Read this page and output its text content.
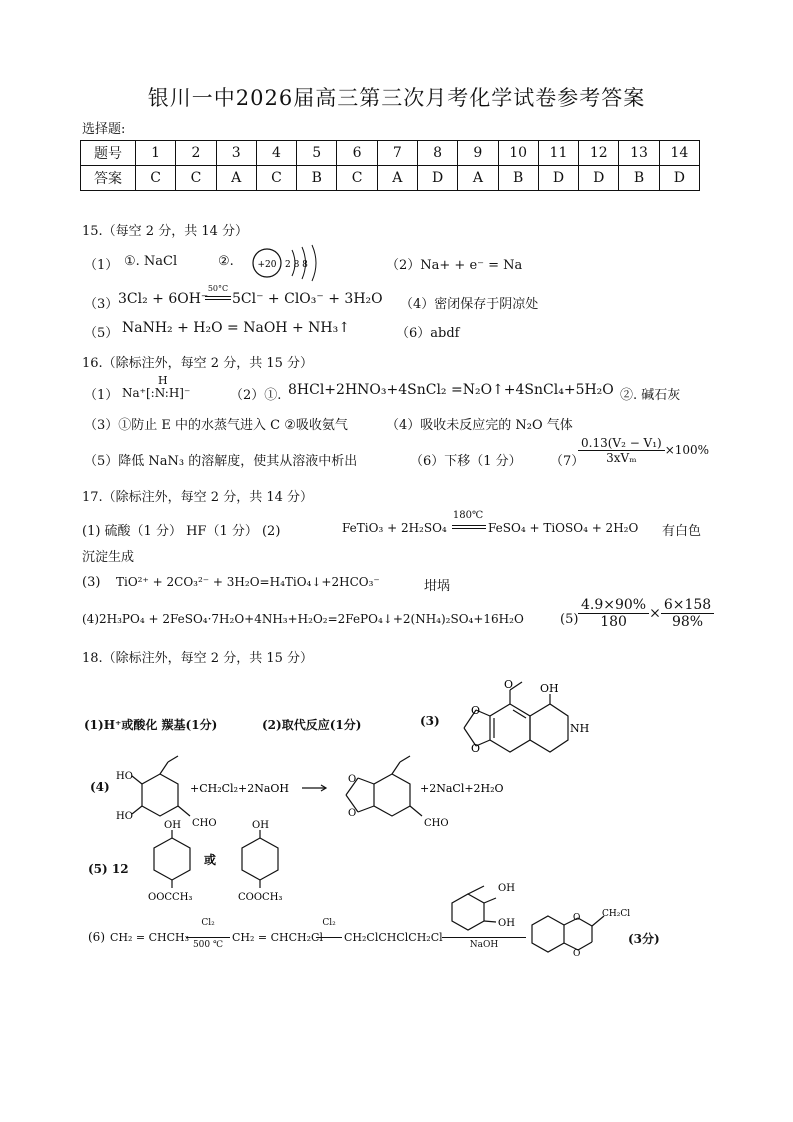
银川一中2026届高三第三次月考化学试卷参考答案
选择题:
题号	1	2	3	4	5	6	7	8	9	10	11	12	13	14
答案	C	C	A	C	B	C	A	D	A	B	D	D	B	D
15.（每空 2 分，共 14 分）
（1） ①. NaCl	②.	+20 2 8 8	（2）Na+ + e⁻ = Na
（3） 3Cl₂ + 6OH⁻
50°C
5Cl⁻ + ClO₃⁻ + 3H₂O （4）密闭保存于阴凉处
（5） NaNH₂ + H₂O = NaOH + NH₃↑	（6）abdf
16.（除标注外，每空 2 分，共 15 分）
（1）
H
Na⁺[:N:H]⁻	（2）①. 8HCl+2HNO₃+4SnCl₂ =N₂O↑+4SnCl₄+5H₂O ②. 碱石灰
（3）①防止 E 中的水蒸气进入 C ②吸收氨气	（4）吸收未反应完的 N₂O 气体
（5）降低 NaN₃ 的溶解度，使其从溶液中析出	（6）下移（1 分） （7）
$\frac{\text{0.13(V₂ − V₁)}}{\text{3xVₘ}} \times 100\%$
17.（除标注外，每空 2 分，共 14 分）
(1) 硫酸（1 分） HF（1 分） (2)	FeTiO₃ + 2H₂SO₄
180℃
FeSO₄ + TiOSO₄ + 2H₂O 有白色
沉淀生成
(3) TiO²⁺ + 2CO₃²⁻ + 3H₂O=H₄TiO₄↓+2HCO₃⁻	坩埚
(4)2H₃PO₄ + 2FeSO₄·7H₂O+4NH₃+H₂O₂=2FePO₄↓+2(NH₄)₂SO₄+16H₂O	$(5) \frac{4.9\times 90\%}{180} \times \frac{6\times 158}{98\%}$
18.（除标注外，每空 2 分，共 15 分）
(1)H⁺或酸化 羰基(1分)	(2)取代反应(1分)	(3)
O
O
O
OH
NH
(4)
HO
HO
CHO
+CH₂Cl₂+2NaOH
O
O
CHO
+2NaCl+2H₂O
(5) 12
OH
OOCCH₃
或
OH
COOCH₃
(6) CH₂ = CHCH₃
Cl₂
500 ℃
CH₂ = CHCH₂Cl
Cl₂
CH₂ClCHClCH₂Cl
NaOH
OH
OH	O
O
CH₂Cl
(3分)
